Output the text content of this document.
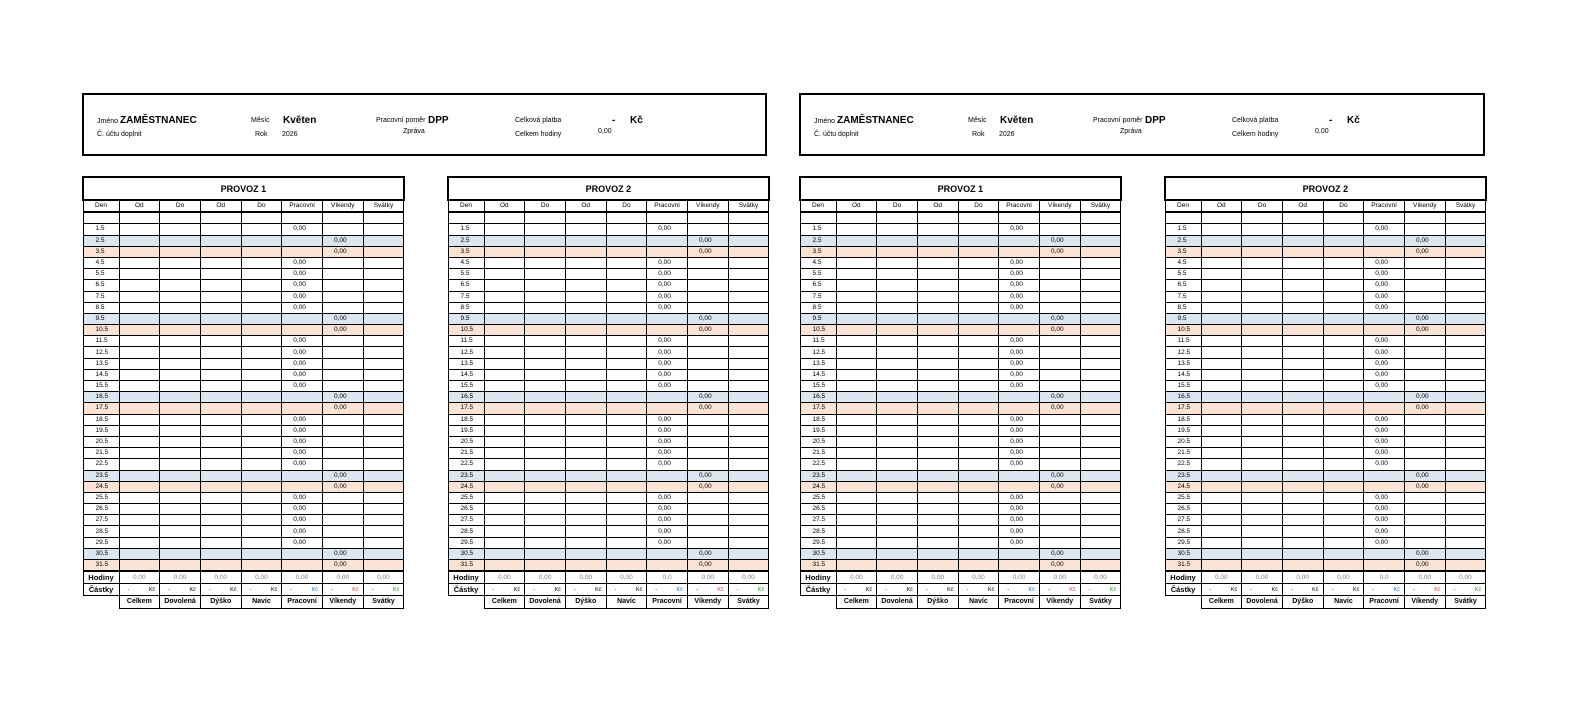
Jméno ZAMĚSTNANEC
Č. účtu doplnit
Měsíc Květen
Rok 2026
Pracovní poměr DPP
Zpráva
Celková platba	- Kč
Celkem hodiny	0,00
Jméno ZAMĚSTNANEC
Č. účtu doplnit
Měsíc Květen
Rok 2026
Pracovní poměr DPP
Zpráva
Celková platba	- Kč
Celkem hodiny	0,00
PROVOZ 1							
Den	Od	Do	Od	Do	Pracovní	Víkendy	Svátky

1.5					0,00		
2.5						0,00	
3.5						0,00	
4.5					0,00		
5.5					0,00		
6.5					0,00		
7.5					0,00		
8.5					0,00		
9.5						0,00	
10.5						0,00	
11.5					0,00		
12.5					0,00		
13.5					0,00		
14.5					0,00		
15.5					0,00		
16.5						0,00	
17.5						0,00	
18.5					0,00		
19.5					0,00		
20.5					0,00		
21.5					0,00		
22.5					0,00		
23.5						0,00	
24.5						0,00	
25.5					0,00		
26.5					0,00		
27.5					0,00		
28.5					0,00		
29.5					0,00		
30.5						0,00	
31.5						0,00	
Hodiny	0,00	0,00	0,00	0,00	0,00	0,00	0,00
Částky	- Kč	- Kč	- Kč	- Kč	- Kč	- Kč	- Kč

	Celkem	Dovolená	Dýško	Navíc	Pracovní	Víkendy	Svátky
PROVOZ 2							
Den	Od	Do	Od	Do	Pracovní	Víkendy	Svátky

1.5					0,00		
2.5						0,00	
3.5						0,00	
4.5					0,00		
5.5					0,00		
6.5					0,00		
7.5					0,00		
8.5					0,00		
9.5						0,00	
10.5						0,00	
11.5					0,00		
12.5					0,00		
13.5					0,00		
14.5					0,00		
15.5					0,00		
16.5						0,00	
17.5						0,00	
18.5					0,00		
19.5					0,00		
20.5					0,00		
21.5					0,00		
22.5					0,00		
23.5						0,00	
24.5						0,00	
25.5					0,00		
26.5					0,00		
27.5					0,00		
28.5					0,00		
29.5					0,00		
30.5						0,00	
31.5						0,00	
Hodiny	0,00	0,00	0,00	0,00	0,0	0,00	0,00
Částky	- Kč	- Kč	- Kč	- Kč	- Kč	- Kč	- Kč

	Celkem	Dovolená	Dýško	Navíc	Pracovní	Víkendy	Svátky
PROVOZ 1							
Den	Od	Do	Od	Do	Pracovní	Víkendy	Svátky

1.5					0,00		
2.5						0,00	
3.5						0,00	
4.5					0,00		
5.5					0,00		
6.5					0,00		
7.5					0,00		
8.5					0,00		
9.5						0,00	
10.5						0,00	
11.5					0,00		
12.5					0,00		
13.5					0,00		
14.5					0,00		
15.5					0,00		
16.5						0,00	
17.5						0,00	
18.5					0,00		
19.5					0,00		
20.5					0,00		
21.5					0,00		
22.5					0,00		
23.5						0,00	
24.5						0,00	
25.5					0,00		
26.5					0,00		
27.5					0,00		
28.5					0,00		
29.5					0,00		
30.5						0,00	
31.5						0,00	
Hodiny	0,00	0,00	0,00	0,00	0,00	0,00	0,00
Částky	- Kč	- Kč	- Kč	- Kč	- Kč	- Kč	- Kč

	Celkem	Dovolená	Dýško	Navíc	Pracovní	Víkendy	Svátky
PROVOZ 2							
Den	Od	Do	Od	Do	Pracovní	Víkendy	Svátky

1.5					0,00		
2.5						0,00	
3.5						0,00	
4.5					0,00		
5.5					0,00		
6.5					0,00		
7.5					0,00		
8.5					0,00		
9.5						0,00	
10.5						0,00	
11.5					0,00		
12.5					0,00		
13.5					0,00		
14.5					0,00		
15.5					0,00		
16.5						0,00	
17.5						0,00	
18.5					0,00		
19.5					0,00		
20.5					0,00		
21.5					0,00		
22.5					0,00		
23.5						0,00	
24.5						0,00	
25.5					0,00		
26.5					0,00		
27.5					0,00		
28.5					0,00		
29.5					0,00		
30.5						0,00	
31.5						0,00	
Hodiny	0,00	0,00	0,00	0,00	0,0	0,00	0,00
Částky	- Kč	- Kč	- Kč	- Kč	- Kč	- Kč	- Kč

	Celkem	Dovolená	Dýško	Navíc	Pracovní	Víkendy	Svátky
